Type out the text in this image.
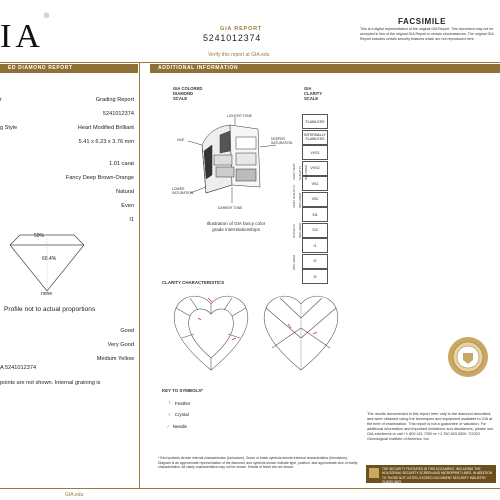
IA
®
GIA REPORT
5241012374
Verify this report at GIA.edu
FACSIMILE
This is a digital representation of the original GIA Report. This document may not be accepted in lieu of the original GIA Report in certain circumstances. The original GIA Report includes certain security features which are not reproduced here.
ED DIAMOND REPORT
r	Grading Report
5241012374
g Style	Heart Modified Brilliant
5.41 x 6.23 x 3.76 mm
1.01 carat
Fancy Deep Brown-Orange
Natural
Even
I1
59%
60.4%
none
Profile not to actual proportions
Good
Very Good
Medium Yellow
A 5241012374
points are not shown. Internal graining is
GIA.edu
ADDITIONAL INFORMATION
GIA COLORED
DIAMOND
SCALE
LIGHTER TONE
HUE	DEEPER SATURATION
LOWER SATURATION
DARKER TONE
Illustration of GIA fancy color
grade interrelationships
GIA
CLARITY
SCALE
FLAWLESS
INTERNALLY FLAWLESS
VVS1
VVS2
VS1
VS2
SI1
SI2
I1
I2
I3
VERY VERY SLIGHTLY INCLUDED
VERY SLIGHTLY INCLUDED
SLIGHTLY INCLUDED
INCLUDED
CLARITY CHARACTERISTICS
KEY TO SYMBOLS*
∖ Feather
○ Crystal
⁄ Needle
* Red symbols denote internal characteristics (inclusions). Green or black symbols denote external characteristics (blemishes). Diagram is an approximate representation of the diamond, and symbols shown indicate type, position, and approximate size of clarity characteristics. All clarity characteristics may not be shown. Details of finish are not shown.
The results documented in this report refer only to the diamond described, and were obtained using the techniques and equipment available to GIA at the time of examination. This report is not a guarantee or valuation. For additional information and important limitations and disclaimers, please see GIA.edu/terms or call +1 800 421 7250 or +1 760 603 4500. ©2023 Gemological Institute of America, Inc.
THE SECURITY FEATURES IN THIS DOCUMENT, INCLUDING THE HOLOGRAM, SECURITY SCREEN AND MICROPRINT LINES, IN ADDITION TO THOSE NOT LISTED, EXCEED DOCUMENT SECURITY INDUSTRY GUIDELINES.
